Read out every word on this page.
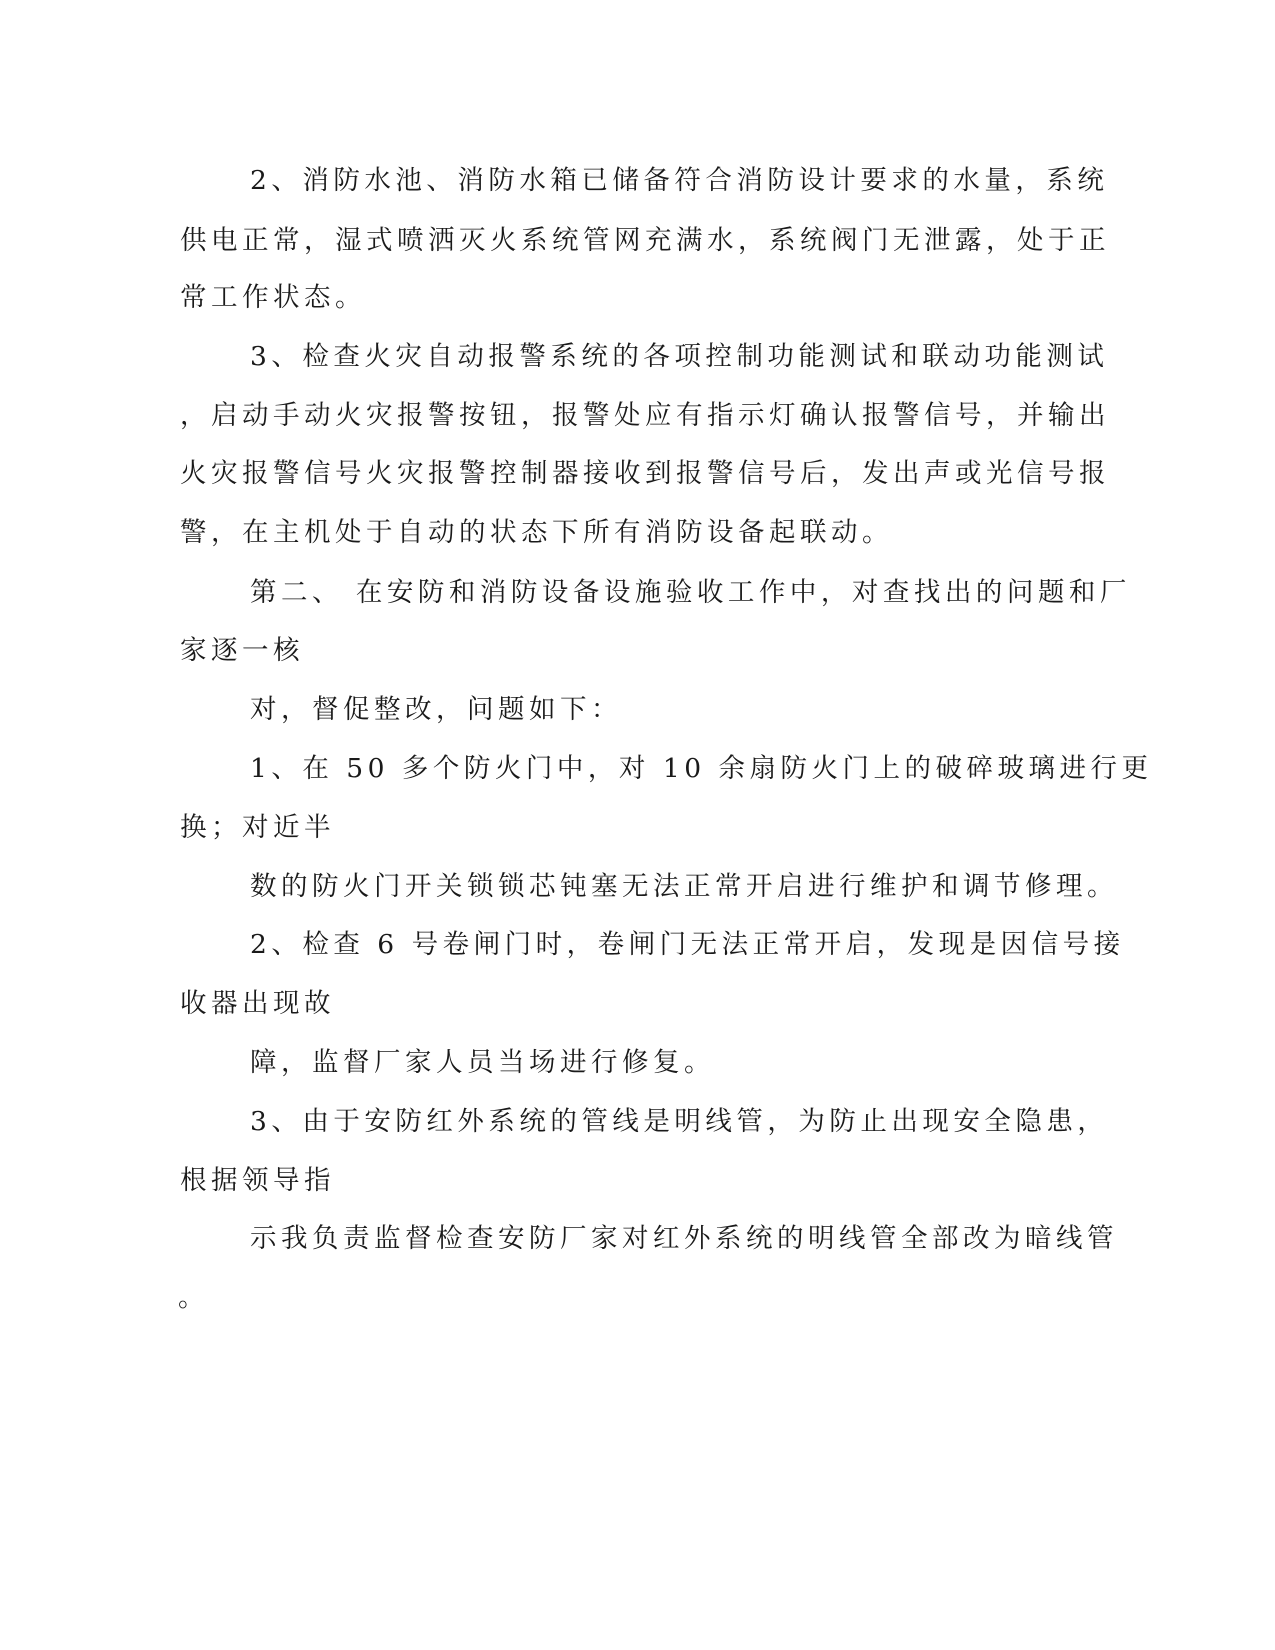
2、消防水池、消防水箱已储备符合消防设计要求的水量，系统

供电正常，湿式喷洒灭火系统管网充满水，系统阀门无泄露，处于正

常工作状态。

3、检查火灾自动报警系统的各项控制功能测试和联动功能测试

，启动手动火灾报警按钮，报警处应有指示灯确认报警信号，并输出

火灾报警信号火灾报警控制器接收到报警信号后，发出声或光信号报

警，在主机处于自动的状态下所有消防设备起联动。

第二、 在安防和消防设备设施验收工作中，对查找出的问题和厂

家逐一核

对，督促整改，问题如下：

1、在 50 多个防火门中，对 10 余扇防火门上的破碎玻璃进行更

换；对近半

数的防火门开关锁锁芯钝塞无法正常开启进行维护和调节修理。

2、检查 6 号卷闸门时，卷闸门无法正常开启，发现是因信号接

收器出现故

障，监督厂家人员当场进行修复。

3、由于安防红外系统的管线是明线管，为防止出现安全隐患，

根据领导指

示我负责监督检查安防厂家对红外系统的明线管全部改为暗线管

。
